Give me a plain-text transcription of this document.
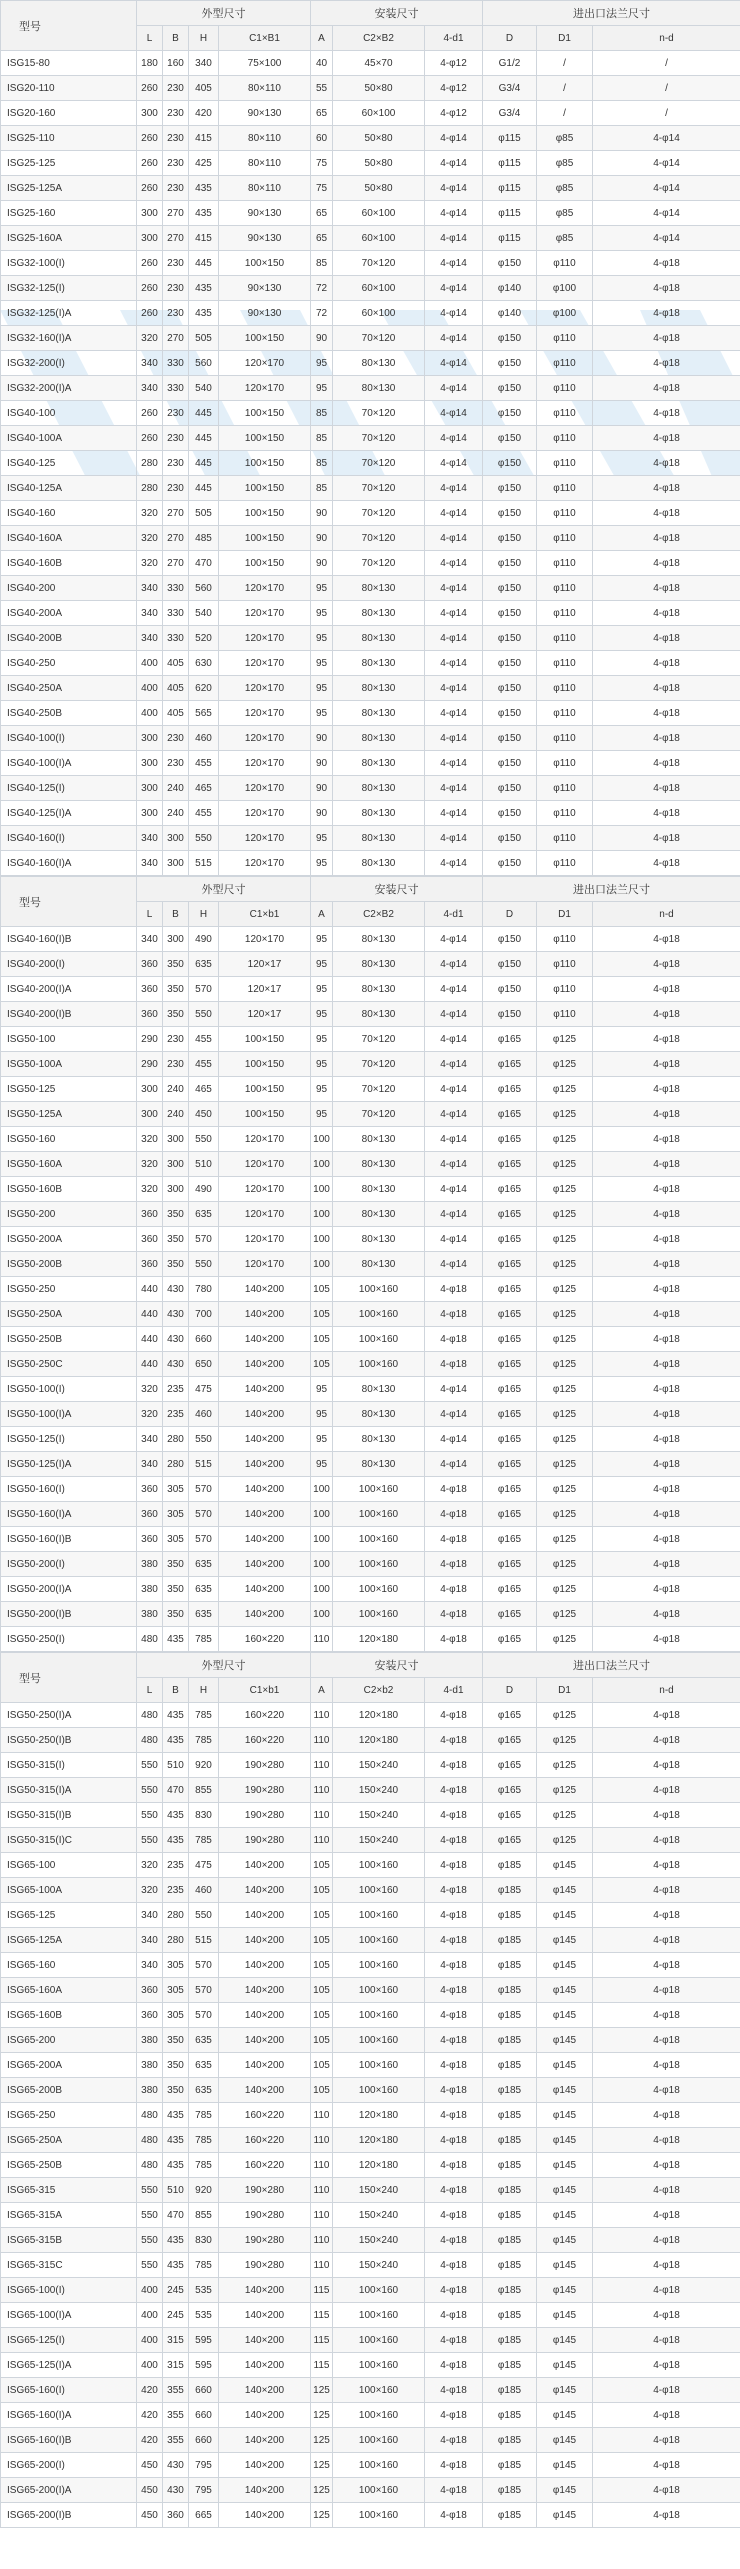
型号	外型尺寸				安装尺寸			进出口法兰尺寸		
	L	B	H	C1×B1	A	C2×B2	4-d1	D	D1	n-d
ISG15-80	180	160	340	75×100	40	45×70	4-φ12	G1/2	/	/
ISG20-110	260	230	405	80×110	55	50×80	4-φ12	G3/4	/	/
ISG20-160	300	230	420	90×130	65	60×100	4-φ12	G3/4	/	/
ISG25-110	260	230	415	80×110	60	50×80	4-φ14	φ115	φ85	4-φ14
ISG25-125	260	230	425	80×110	75	50×80	4-φ14	φ115	φ85	4-φ14
ISG25-125A	260	230	435	80×110	75	50×80	4-φ14	φ115	φ85	4-φ14
ISG25-160	300	270	435	90×130	65	60×100	4-φ14	φ115	φ85	4-φ14
ISG25-160A	300	270	415	90×130	65	60×100	4-φ14	φ115	φ85	4-φ14
ISG32-100(I)	260	230	445	100×150	85	70×120	4-φ14	φ150	φ110	4-φ18
ISG32-125(I)	260	230	435	90×130	72	60×100	4-φ14	φ140	φ100	4-φ18
ISG32-125(I)A	260	230	435	90×130	72	60×100	4-φ14	φ140	φ100	4-φ18
ISG32-160(I)A	320	270	505	100×150	90	70×120	4-φ14	φ150	φ110	4-φ18
ISG32-200(I)	340	330	560	120×170	95	80×130	4-φ14	φ150	φ110	4-φ18
ISG32-200(I)A	340	330	540	120×170	95	80×130	4-φ14	φ150	φ110	4-φ18
ISG40-100	260	230	445	100×150	85	70×120	4-φ14	φ150	φ110	4-φ18
ISG40-100A	260	230	445	100×150	85	70×120	4-φ14	φ150	φ110	4-φ18
ISG40-125	280	230	445	100×150	85	70×120	4-φ14	φ150	φ110	4-φ18
ISG40-125A	280	230	445	100×150	85	70×120	4-φ14	φ150	φ110	4-φ18
ISG40-160	320	270	505	100×150	90	70×120	4-φ14	φ150	φ110	4-φ18
ISG40-160A	320	270	485	100×150	90	70×120	4-φ14	φ150	φ110	4-φ18
ISG40-160B	320	270	470	100×150	90	70×120	4-φ14	φ150	φ110	4-φ18
ISG40-200	340	330	560	120×170	95	80×130	4-φ14	φ150	φ110	4-φ18
ISG40-200A	340	330	540	120×170	95	80×130	4-φ14	φ150	φ110	4-φ18
ISG40-200B	340	330	520	120×170	95	80×130	4-φ14	φ150	φ110	4-φ18
ISG40-250	400	405	630	120×170	95	80×130	4-φ14	φ150	φ110	4-φ18
ISG40-250A	400	405	620	120×170	95	80×130	4-φ14	φ150	φ110	4-φ18
ISG40-250B	400	405	565	120×170	95	80×130	4-φ14	φ150	φ110	4-φ18
ISG40-100(I)	300	230	460	120×170	90	80×130	4-φ14	φ150	φ110	4-φ18
ISG40-100(I)A	300	230	455	120×170	90	80×130	4-φ14	φ150	φ110	4-φ18
ISG40-125(I)	300	240	465	120×170	90	80×130	4-φ14	φ150	φ110	4-φ18
ISG40-125(I)A	300	240	455	120×170	90	80×130	4-φ14	φ150	φ110	4-φ18
ISG40-160(I)	340	300	550	120×170	95	80×130	4-φ14	φ150	φ110	4-φ18
ISG40-160(I)A	340	300	515	120×170	95	80×130	4-φ14	φ150	φ110	4-φ18
型号	外型尺寸				安装尺寸			进出口法兰尺寸		
	L	B	H	C1×b1	A	C2×B2	4-d1	D	D1	n-d
ISG40-160(I)B	340	300	490	120×170	95	80×130	4-φ14	φ150	φ110	4-φ18
ISG40-200(I)	360	350	635	120×17	95	80×130	4-φ14	φ150	φ110	4-φ18
ISG40-200(I)A	360	350	570	120×17	95	80×130	4-φ14	φ150	φ110	4-φ18
ISG40-200(I)B	360	350	550	120×17	95	80×130	4-φ14	φ150	φ110	4-φ18
ISG50-100	290	230	455	100×150	95	70×120	4-φ14	φ165	φ125	4-φ18
ISG50-100A	290	230	455	100×150	95	70×120	4-φ14	φ165	φ125	4-φ18
ISG50-125	300	240	465	100×150	95	70×120	4-φ14	φ165	φ125	4-φ18
ISG50-125A	300	240	450	100×150	95	70×120	4-φ14	φ165	φ125	4-φ18
ISG50-160	320	300	550	120×170	100	80×130	4-φ14	φ165	φ125	4-φ18
ISG50-160A	320	300	510	120×170	100	80×130	4-φ14	φ165	φ125	4-φ18
ISG50-160B	320	300	490	120×170	100	80×130	4-φ14	φ165	φ125	4-φ18
ISG50-200	360	350	635	120×170	100	80×130	4-φ14	φ165	φ125	4-φ18
ISG50-200A	360	350	570	120×170	100	80×130	4-φ14	φ165	φ125	4-φ18
ISG50-200B	360	350	550	120×170	100	80×130	4-φ14	φ165	φ125	4-φ18
ISG50-250	440	430	780	140×200	105	100×160	4-φ18	φ165	φ125	4-φ18
ISG50-250A	440	430	700	140×200	105	100×160	4-φ18	φ165	φ125	4-φ18
ISG50-250B	440	430	660	140×200	105	100×160	4-φ18	φ165	φ125	4-φ18
ISG50-250C	440	430	650	140×200	105	100×160	4-φ18	φ165	φ125	4-φ18
ISG50-100(I)	320	235	475	140×200	95	80×130	4-φ14	φ165	φ125	4-φ18
ISG50-100(I)A	320	235	460	140×200	95	80×130	4-φ14	φ165	φ125	4-φ18
ISG50-125(I)	340	280	550	140×200	95	80×130	4-φ14	φ165	φ125	4-φ18
ISG50-125(I)A	340	280	515	140×200	95	80×130	4-φ14	φ165	φ125	4-φ18
ISG50-160(I)	360	305	570	140×200	100	100×160	4-φ18	φ165	φ125	4-φ18
ISG50-160(I)A	360	305	570	140×200	100	100×160	4-φ18	φ165	φ125	4-φ18
ISG50-160(I)B	360	305	570	140×200	100	100×160	4-φ18	φ165	φ125	4-φ18
ISG50-200(I)	380	350	635	140×200	100	100×160	4-φ18	φ165	φ125	4-φ18
ISG50-200(I)A	380	350	635	140×200	100	100×160	4-φ18	φ165	φ125	4-φ18
ISG50-200(I)B	380	350	635	140×200	100	100×160	4-φ18	φ165	φ125	4-φ18
ISG50-250(I)	480	435	785	160×220	110	120×180	4-φ18	φ165	φ125	4-φ18
型号	外型尺寸				安装尺寸			进出口法兰尺寸		
	L	B	H	C1×b1	A	C2×b2	4-d1	D	D1	n-d
ISG50-250(I)A	480	435	785	160×220	110	120×180	4-φ18	φ165	φ125	4-φ18
ISG50-250(I)B	480	435	785	160×220	110	120×180	4-φ18	φ165	φ125	4-φ18
ISG50-315(I)	550	510	920	190×280	110	150×240	4-φ18	φ165	φ125	4-φ18
ISG50-315(I)A	550	470	855	190×280	110	150×240	4-φ18	φ165	φ125	4-φ18
ISG50-315(I)B	550	435	830	190×280	110	150×240	4-φ18	φ165	φ125	4-φ18
ISG50-315(I)C	550	435	785	190×280	110	150×240	4-φ18	φ165	φ125	4-φ18
ISG65-100	320	235	475	140×200	105	100×160	4-φ18	φ185	φ145	4-φ18
ISG65-100A	320	235	460	140×200	105	100×160	4-φ18	φ185	φ145	4-φ18
ISG65-125	340	280	550	140×200	105	100×160	4-φ18	φ185	φ145	4-φ18
ISG65-125A	340	280	515	140×200	105	100×160	4-φ18	φ185	φ145	4-φ18
ISG65-160	340	305	570	140×200	105	100×160	4-φ18	φ185	φ145	4-φ18
ISG65-160A	360	305	570	140×200	105	100×160	4-φ18	φ185	φ145	4-φ18
ISG65-160B	360	305	570	140×200	105	100×160	4-φ18	φ185	φ145	4-φ18
ISG65-200	380	350	635	140×200	105	100×160	4-φ18	φ185	φ145	4-φ18
ISG65-200A	380	350	635	140×200	105	100×160	4-φ18	φ185	φ145	4-φ18
ISG65-200B	380	350	635	140×200	105	100×160	4-φ18	φ185	φ145	4-φ18
ISG65-250	480	435	785	160×220	110	120×180	4-φ18	φ185	φ145	4-φ18
ISG65-250A	480	435	785	160×220	110	120×180	4-φ18	φ185	φ145	4-φ18
ISG65-250B	480	435	785	160×220	110	120×180	4-φ18	φ185	φ145	4-φ18
ISG65-315	550	510	920	190×280	110	150×240	4-φ18	φ185	φ145	4-φ18
ISG65-315A	550	470	855	190×280	110	150×240	4-φ18	φ185	φ145	4-φ18
ISG65-315B	550	435	830	190×280	110	150×240	4-φ18	φ185	φ145	4-φ18
ISG65-315C	550	435	785	190×280	110	150×240	4-φ18	φ185	φ145	4-φ18
ISG65-100(I)	400	245	535	140×200	115	100×160	4-φ18	φ185	φ145	4-φ18
ISG65-100(I)A	400	245	535	140×200	115	100×160	4-φ18	φ185	φ145	4-φ18
ISG65-125(I)	400	315	595	140×200	115	100×160	4-φ18	φ185	φ145	4-φ18
ISG65-125(I)A	400	315	595	140×200	115	100×160	4-φ18	φ185	φ145	4-φ18
ISG65-160(I)	420	355	660	140×200	125	100×160	4-φ18	φ185	φ145	4-φ18
ISG65-160(I)A	420	355	660	140×200	125	100×160	4-φ18	φ185	φ145	4-φ18
ISG65-160(I)B	420	355	660	140×200	125	100×160	4-φ18	φ185	φ145	4-φ18
ISG65-200(I)	450	430	795	140×200	125	100×160	4-φ18	φ185	φ145	4-φ18
ISG65-200(I)A	450	430	795	140×200	125	100×160	4-φ18	φ185	φ145	4-φ18
ISG65-200(I)B	450	360	665	140×200	125	100×160	4-φ18	φ185	φ145	4-φ18
